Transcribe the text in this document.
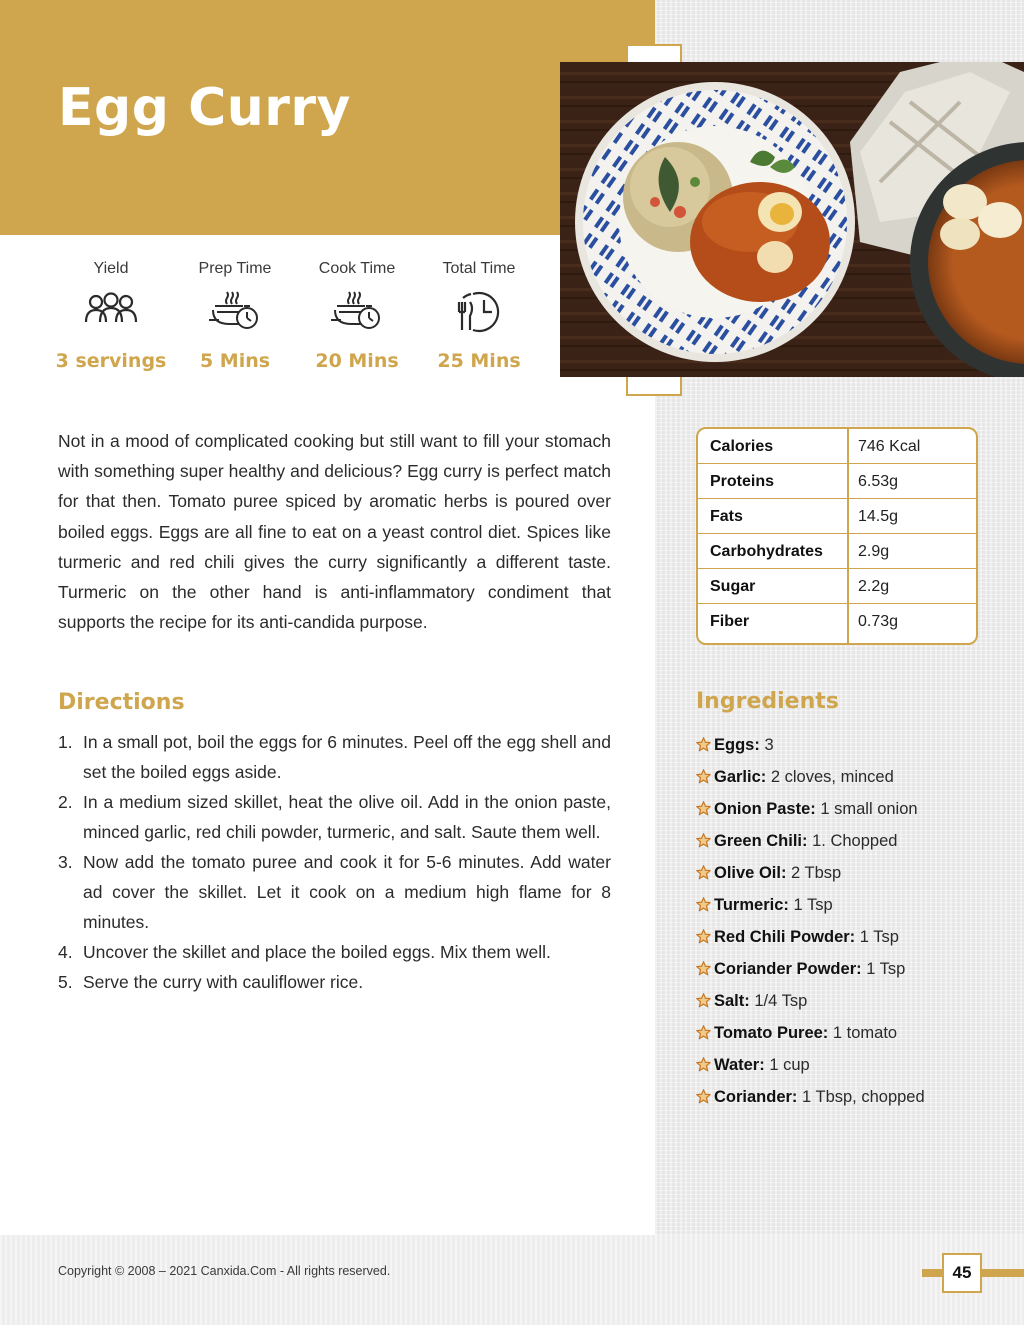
Egg Curry
Yield
3 servings
Prep Time
5 Mins
Cook Time
20 Mins
Total Time
25 Mins

Not in a mood of complicated cooking but still want to fill your stomach with something super healthy and delicious? Egg curry is perfect match for that then. Tomato puree spiced by aromatic herbs is poured over boiled eggs. Eggs are all fine to eat on a yeast control diet. Spices like turmeric and red chili gives the curry significantly a different taste. Turmeric on the other hand is anti-inflammatory condiment that supports the recipe for its anti-candida purpose.

Directions
1. In a small pot, boil the eggs for 6 minutes. Peel off the egg shell and set the boiled eggs aside.
2. In a medium sized skillet, heat the olive oil. Add in the onion paste, minced garlic, red chili powder, turmeric, and salt. Saute them well.
3. Now add the tomato puree and cook it for 5-6 minutes. Add water ad cover the skillet. Let it cook on a medium high flame for 8 minutes.
4. Uncover the skillet and place the boiled eggs. Mix them well.
5. Serve the curry with cauliflower rice.
Calories	746 Kcal
Proteins	6.53g
Fats	14.5g
Carbohydrates 2.9g
Sugar	2.2g
Fiber	0.73g
Ingredients
Eggs: 3
Garlic: 2 cloves, minced
Onion Paste: 1 small onion
Green Chili: 1. Chopped
Olive Oil: 2 Tbsp
Turmeric: 1 Tsp
Red Chili Powder: 1 Tsp
Coriander Powder: 1 Tsp
Salt: 1/4 Tsp
Tomato Puree: 1 tomato
Water: 1 cup
Coriander: 1 Tbsp, chopped
Copyright © 2008 – 2021 Canxida.Com - All rights reserved.	45
